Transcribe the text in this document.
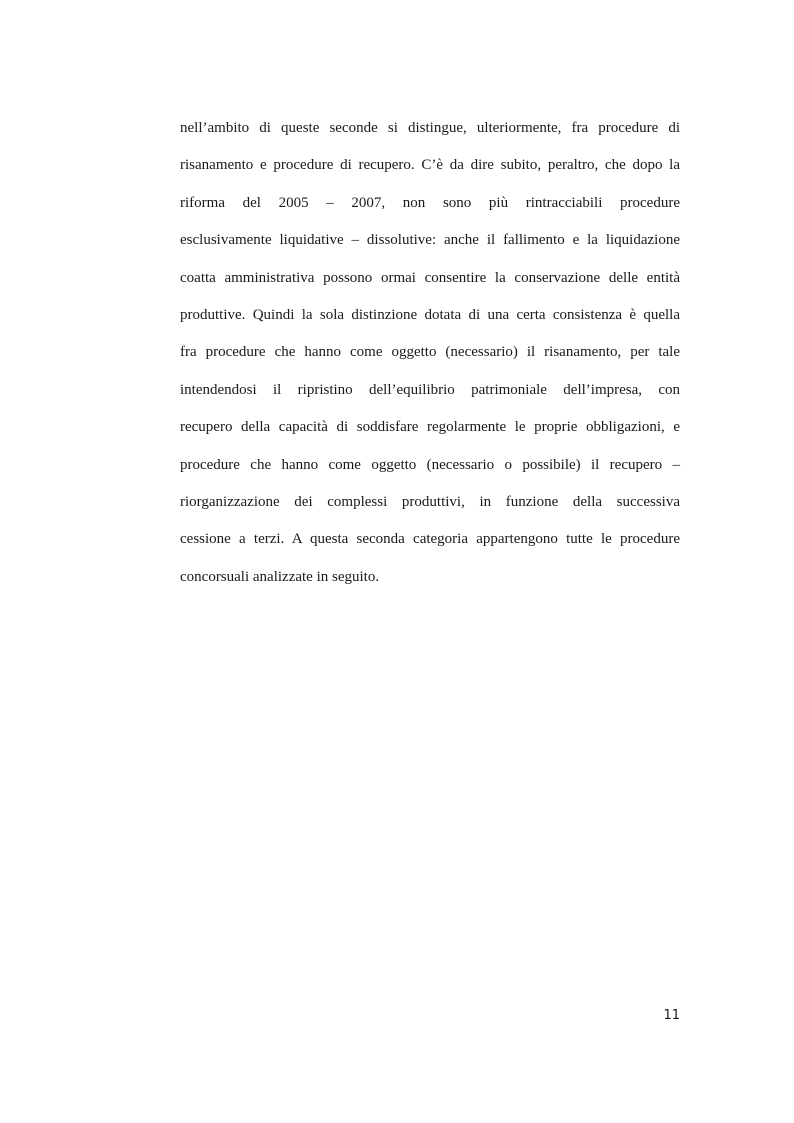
nell’ambito di queste seconde si distingue, ulteriormente, fra procedure di
risanamento e procedure di recupero. C’è da dire subito, peraltro, che dopo la
riforma del 2005 – 2007, non sono più rintracciabili procedure
esclusivamente liquidative – dissolutive: anche il fallimento e la liquidazione
coatta amministrativa possono ormai consentire la conservazione delle entità
produttive. Quindi la sola distinzione dotata di una certa consistenza è quella
fra procedure che hanno come oggetto (necessario) il risanamento, per tale
intendendosi il ripristino dell’equilibrio patrimoniale dell’impresa, con
recupero della capacità di soddisfare regolarmente le proprie obbligazioni, e
procedure che hanno come oggetto (necessario o possibile) il recupero –
riorganizzazione dei complessi produttivi, in funzione della successiva
cessione a terzi. A questa seconda categoria appartengono tutte le procedure
concorsuali analizzate in seguito.

11
